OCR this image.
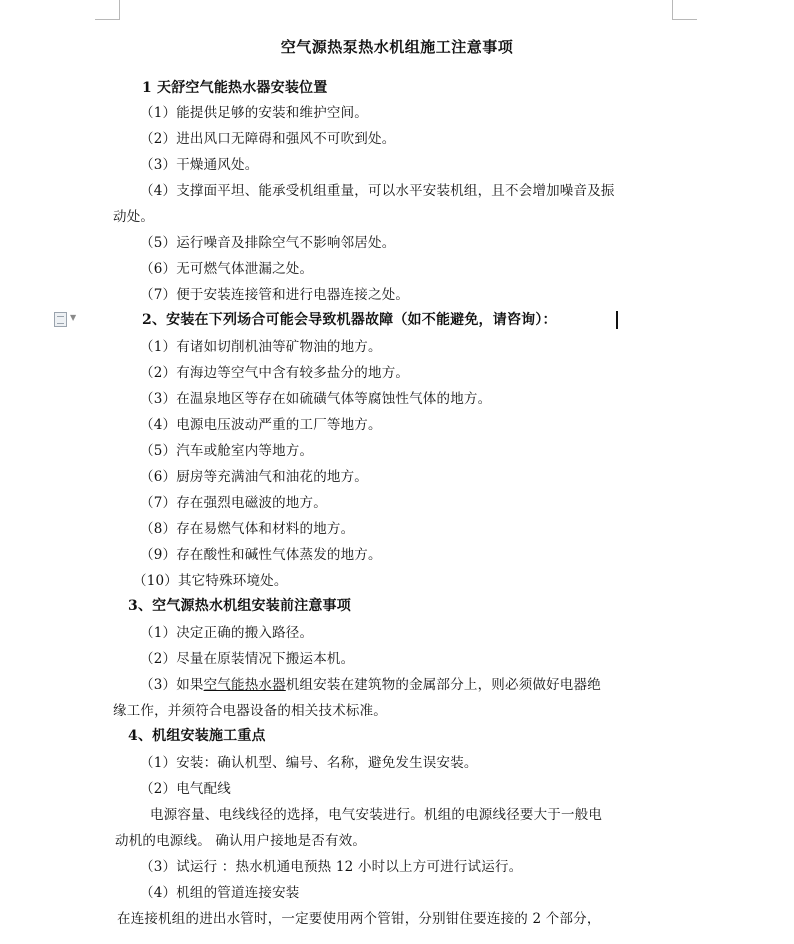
▼
空气源热泵热水机组施工注意事项
1 天舒空气能热水器安装位置
（1）能提供足够的安装和维护空间。
（2）进出风口无障碍和强风不可吹到处。
（3）干燥通风处。
（4）支撑面平坦、能承受机组重量，可以水平安装机组，且不会增加噪音及振
动处。
（5）运行噪音及排除空气不影响邻居处。
（6）无可燃气体泄漏之处。
（7）便于安装连接管和进行电器连接之处。
2、安装在下列场合可能会导致机器故障（如不能避免，请咨询）：
（1）有诸如切削机油等矿物油的地方。
（2）有海边等空气中含有较多盐分的地方。
（3）在温泉地区等存在如硫磺气体等腐蚀性气体的地方。
（4）电源电压波动严重的工厂等地方。
（5）汽车或舱室内等地方。
（6）厨房等充满油气和油花的地方。
（7）存在强烈电磁波的地方。
（8）存在易燃气体和材料的地方。
（9）存在酸性和碱性气体蒸发的地方。
（10）其它特殊环境处。
3、空气源热水机组安装前注意事项
（1）决定正确的搬入路径。
（2）尽量在原装情况下搬运本机。
（3）如果空气能热水器机组安装在建筑物的金属部分上，则必须做好电器绝
缘工作，并须符合电器设备的相关技术标准。
4、机组安装施工重点
（1）安装：确认机型、编号、名称，避免发生误安装。
（2）电气配线
电源容量、电线线径的选择，电气安装进行。机组的电源线径要大于一般电
动机的电源线。 确认用户接地是否有效。
（3）试运行 ：热水机通电预热 12 小时以上方可进行试运行。
（4）机组的管道连接安装
在连接机组的进出水管时，一定要使用两个管钳，分别钳住要连接的 2 个部分，
